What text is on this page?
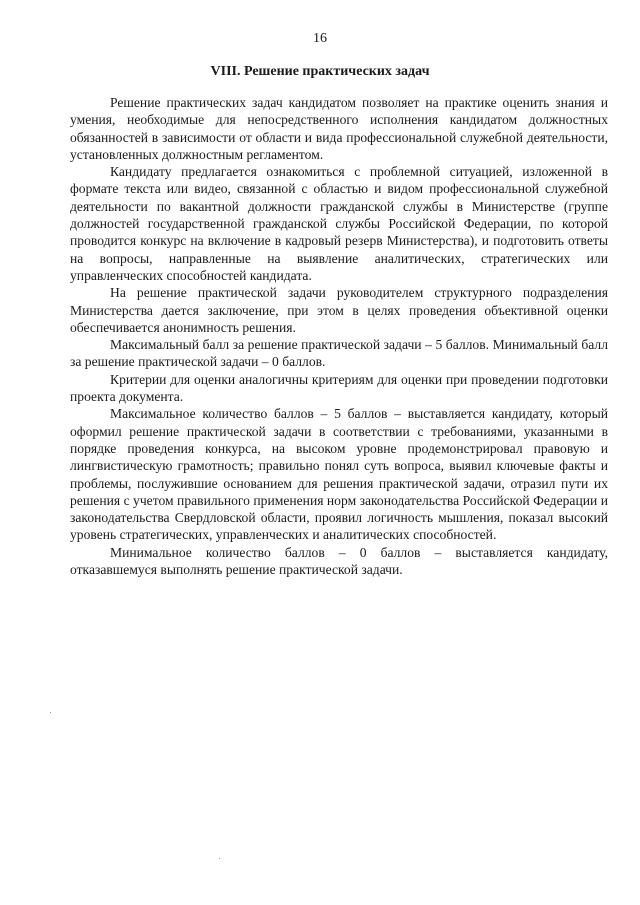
16
VIII. Решение практических задач

Решение практических задач кандидатом позволяет на практике оценить знания и умения, необходимые для непосредственного исполнения кандидатом должностных обязанностей в зависимости от области и вида профессиональной служебной деятельности, установленных должностным регламентом.

Кандидату предлагается ознакомиться с проблемной ситуацией, изложенной в формате текста или видео, связанной с областью и видом профессиональной служебной деятельности по вакантной должности гражданской службы в Министерстве (группе должностей государственной гражданской службы Российской Федерации, по которой проводится конкурс на включение в кадровый резерв Министерства), и подготовить ответы на вопросы, направленные на выявление аналитических, стратегических или управленческих способностей кандидата.

На решение практической задачи руководителем структурного подразделения Министерства дается заключение, при этом в целях проведения объективной оценки обеспечивается анонимность решения.

Максимальный балл за решение практической задачи – 5 баллов. Минимальный балл за решение практической задачи – 0 баллов.

Критерии для оценки аналогичны критериям для оценки при проведении подготовки проекта документа.

Максимальное количество баллов – 5 баллов – выставляется кандидату, который оформил решение практической задачи в соответствии с требованиями, указанными в порядке проведения конкурса, на высоком уровне продемонстрировал правовую и лингвистическую грамотность; правильно понял суть вопроса, выявил ключевые факты и проблемы, послужившие основанием для решения практической задачи, отразил пути их решения с учетом правильного применения норм законодательства Российской Федерации и законодательства Свердловской области, проявил логичность мышления, показал высокий уровень стратегических, управленческих и аналитических способностей.

Минимальное количество баллов – 0 баллов – выставляется кандидату, отказавшемуся выполнять решение практической задачи.
